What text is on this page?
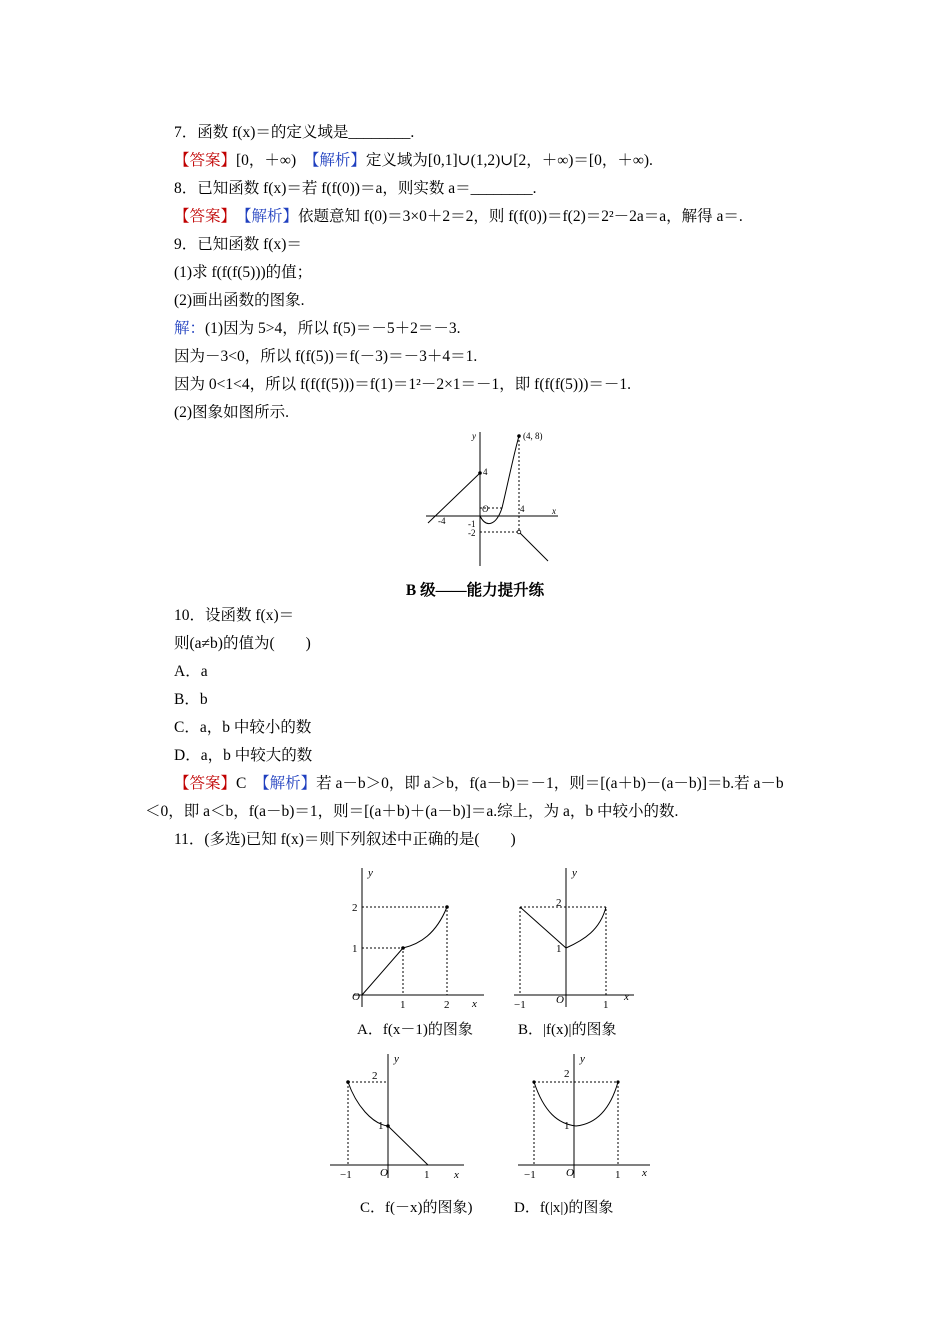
7．函数 f(x)＝的定义域是________.
【答案】[0，＋∞)　【解析】定义域为[0,1]∪(1,2)∪[2，＋∞)＝[0，＋∞).
8．已知函数 f(x)＝若 f(f(0))＝a，则实数 a＝________.
【答案】　 【解析】依题意知 f(0)＝3×0＋2＝2，则 f(f(0))＝f(2)＝2²－2a＝a，解得 a＝.
9．已知函数 f(x)＝
(1)求 f(f(f(5)))的值；
(2)画出函数的图象.
解：(1)因为 5>4，所以 f(5)＝－5＋2＝－3.
因为－3<0，所以 f(f(5))＝f(－3)＝－3＋4＝1.
因为 0<1<4，所以 f(f(f(5)))＝f(1)＝1²－2×1＝－1，即 f(f(f(5)))＝－1.
(2)图象如图所示.
(4, 8)
y
x
-4	-1
-2
O	4
4
B 级——能力提升练
10．设函数 f(x)＝
则(a≠b)的值为(　　)
A．a
B．b
C．a，b 中较小的数
D．a，b 中较大的数
【答案】C　【解析】若 a－b＞0，即 a＞b，f(a－b)＝－1，则＝[(a＋b)－(a－b)]＝b.若 a－b
＜0，即 a＜b，f(a－b)＝1，则＝[(a＋b)＋(a－b)]＝a.综上，为 a，b 中较小的数.
11．(多选)已知 f(x)＝则下列叙述中正确的是(　　)
y
x
O
2
1
1	2
A．f(x－1)的图象
y
x
O
2
1
−1	1
B．|f(x)|的图象
y
x
O
2
1
−1	1
C．f(－x)的图象)
y
x
O
2
1
−1	1
D．f(|x|)的图象
